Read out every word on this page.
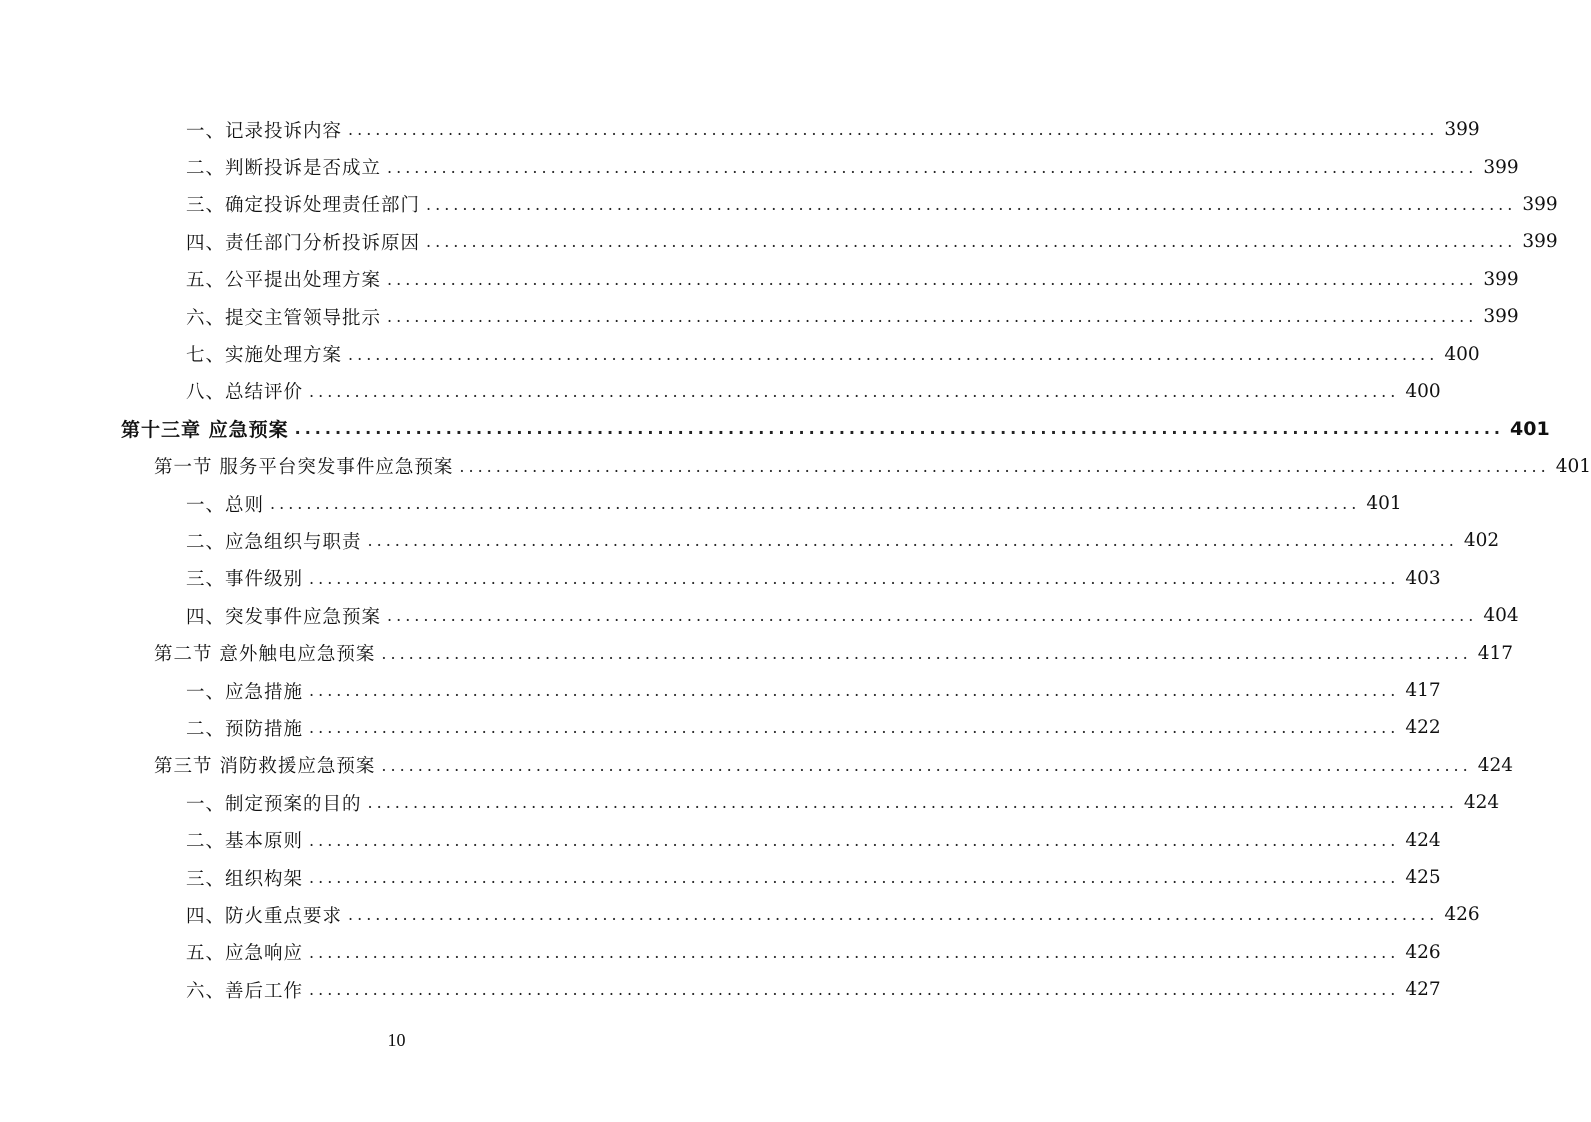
一、记录投诉内容 ........................................................................................................................ 399
二、判断投诉是否成立 ........................................................................................................................ 399
三、确定投诉处理责任部门 ........................................................................................................................ 399
四、责任部门分析投诉原因 ........................................................................................................................ 399
五、公平提出处理方案 ........................................................................................................................ 399
六、提交主管领导批示 ........................................................................................................................ 399
七、实施处理方案 ........................................................................................................................ 400
八、总结评价 ........................................................................................................................ 400
第十三章 应急预案 ........................................................................................................................ 401
第一节 服务平台突发事件应急预案 ........................................................................................................................ 401
一、总则 ........................................................................................................................ 401
二、应急组织与职责 ........................................................................................................................ 402
三、事件级别 ........................................................................................................................ 403
四、突发事件应急预案 ........................................................................................................................ 404
第二节 意外触电应急预案 ........................................................................................................................ 417
一、应急措施 ........................................................................................................................ 417
二、预防措施 ........................................................................................................................ 422
第三节 消防救援应急预案 ........................................................................................................................ 424
一、制定预案的目的 ........................................................................................................................ 424
二、基本原则 ........................................................................................................................ 424
三、组织构架 ........................................................................................................................ 425
四、防火重点要求 ........................................................................................................................ 426
五、应急响应 ........................................................................................................................ 426
六、善后工作 ........................................................................................................................ 427
10
